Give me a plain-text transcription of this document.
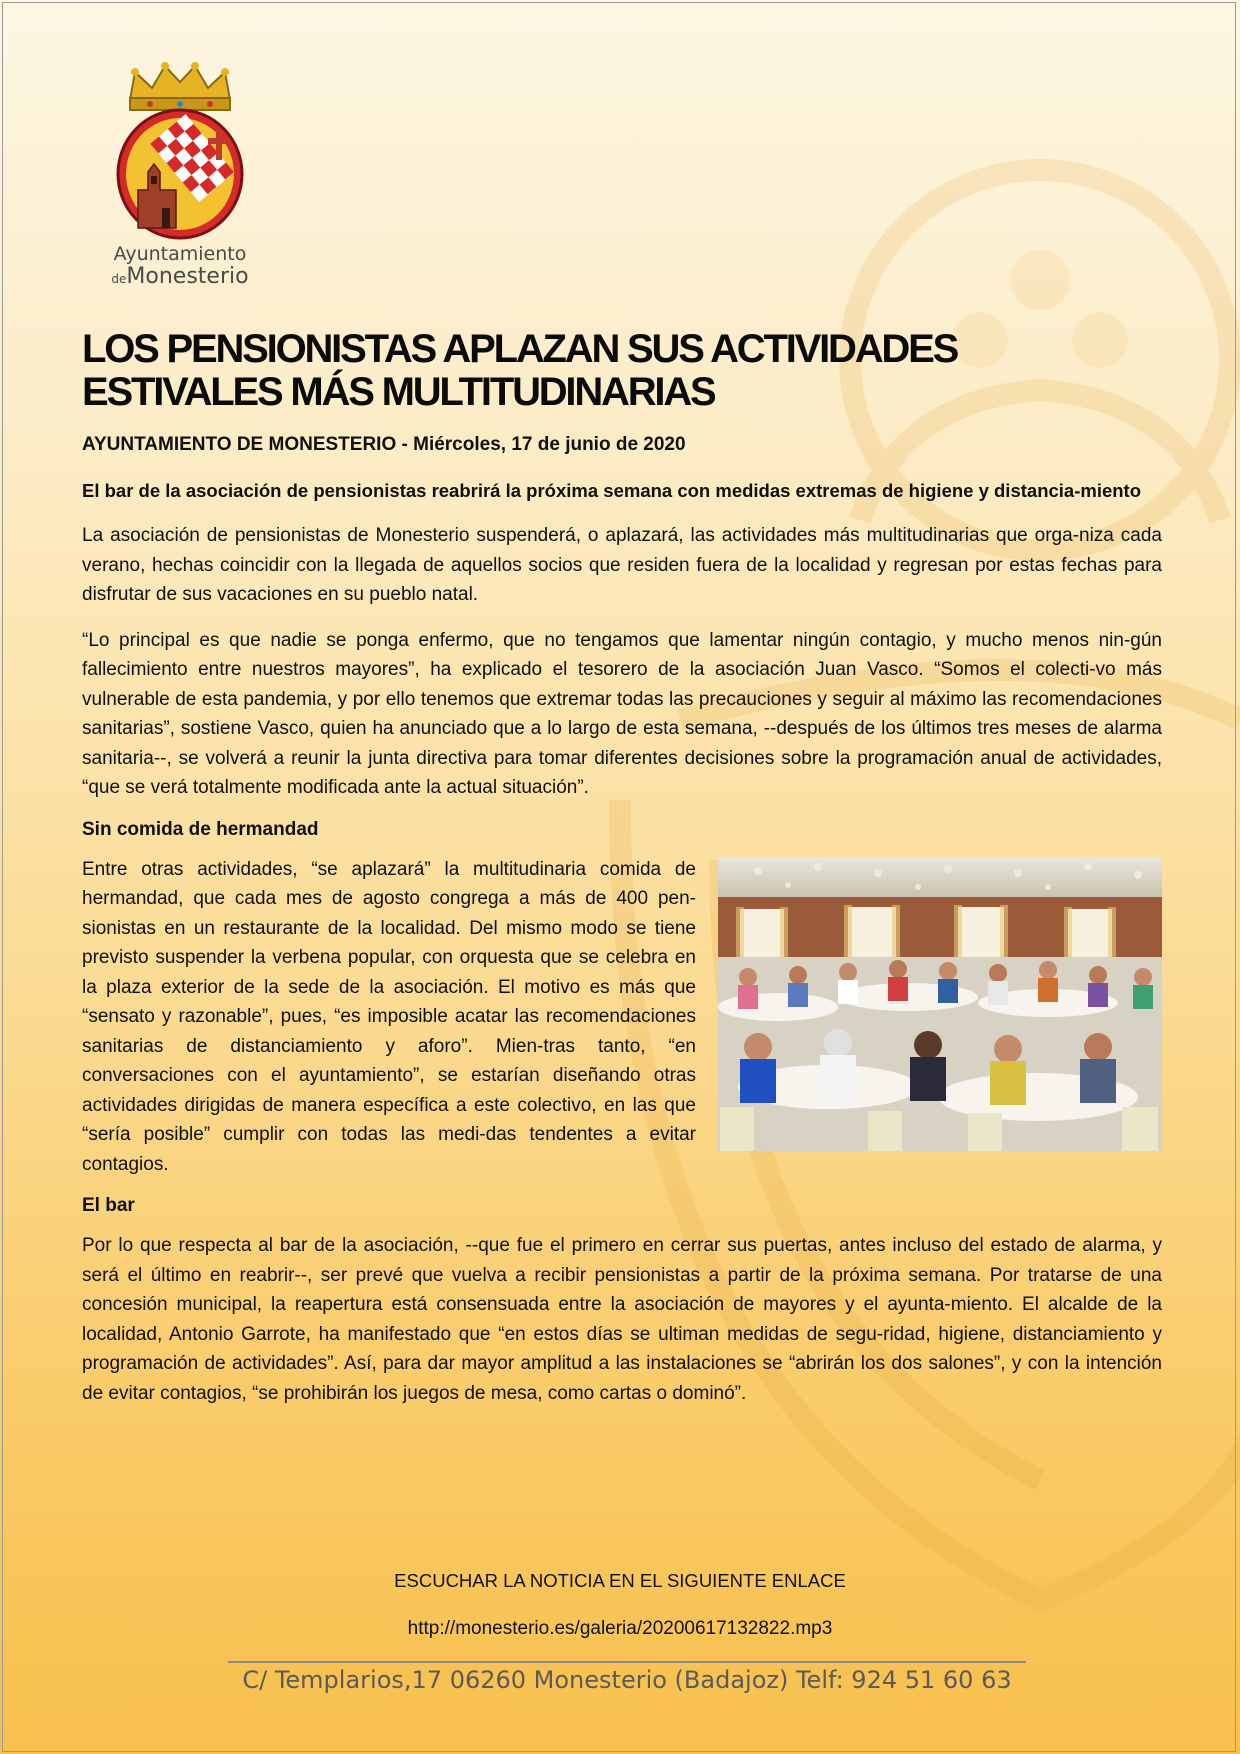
Ayuntamiento
deMonesterio
LOS PENSIONISTAS APLAZAN SUS ACTIVIDADES ESTIVALES MÁS MULTITUDINARIAS
AYUNTAMIENTO DE MONESTERIO - Miércoles, 17 de junio de 2020
El bar de la asociación de pensionistas reabrirá la próxima semana con medidas extremas de higiene y distancia-miento

La asociación de pensionistas de Monesterio suspenderá, o aplazará, las actividades más multitudinarias que orga-niza cada verano, hechas coincidir con la llegada de aquellos socios que residen fuera de la localidad y regresan por estas fechas para disfrutar de sus vacaciones en su pueblo natal.

“Lo principal es que nadie se ponga enfermo, que no tengamos que lamentar ningún contagio, y mucho menos nin-gún fallecimiento entre nuestros mayores”, ha explicado el tesorero de la asociación Juan Vasco. “Somos el colecti-vo más vulnerable de esta pandemia, y por ello tenemos que extremar todas las precauciones y seguir al máximo las recomendaciones sanitarias”, sostiene Vasco, quien ha anunciado que a lo largo de esta semana, --después de los últimos tres meses de alarma sanitaria--, se volverá a reunir la junta directiva para tomar diferentes decisiones sobre la programación anual de actividades, “que se verá totalmente modificada ante la actual situación”.

Sin comida de hermandad

Entre otras actividades, “se aplazará” la multitudinaria comida de hermandad, que cada mes de agosto congrega a más de 400 pen-sionistas en un restaurante de la localidad. Del mismo modo se tiene previsto suspender la verbena popular, con orquesta que se celebra en la plaza exterior de la sede de la asociación. El motivo es más que “sensato y razonable”, pues, “es imposible acatar las recomendaciones sanitarias de distanciamiento y aforo”. Mien-tras tanto, “en conversaciones con el ayuntamiento”, se estarían diseñando otras actividades dirigidas de manera específica a este colectivo, en las que “sería posible” cumplir con todas las medi-das tendentes a evitar contagios.

El bar

Por lo que respecta al bar de la asociación, --que fue el primero en cerrar sus puertas, antes incluso del estado de alarma, y será el último en reabrir--, ser prevé que vuelva a recibir pensionistas a partir de la próxima semana. Por tratarse de una concesión municipal, la reapertura está consensuada entre la asociación de mayores y el ayunta-miento. El alcalde de la localidad, Antonio Garrote, ha manifestado que “en estos días se ultiman medidas de segu-ridad, higiene, distanciamiento y programación de actividades”. Así, para dar mayor amplitud a las instalaciones se “abrirán los dos salones”, y con la intención de evitar contagios, “se prohibirán los juegos de mesa, como cartas o dominó”.

ESCUCHAR LA NOTICIA EN EL SIGUIENTE ENLACE

http://monesterio.es/galeria/20200617132822.mp3

C/ Templarios,17 06260 Monesterio (Badajoz) Telf: 924 51 60 63
